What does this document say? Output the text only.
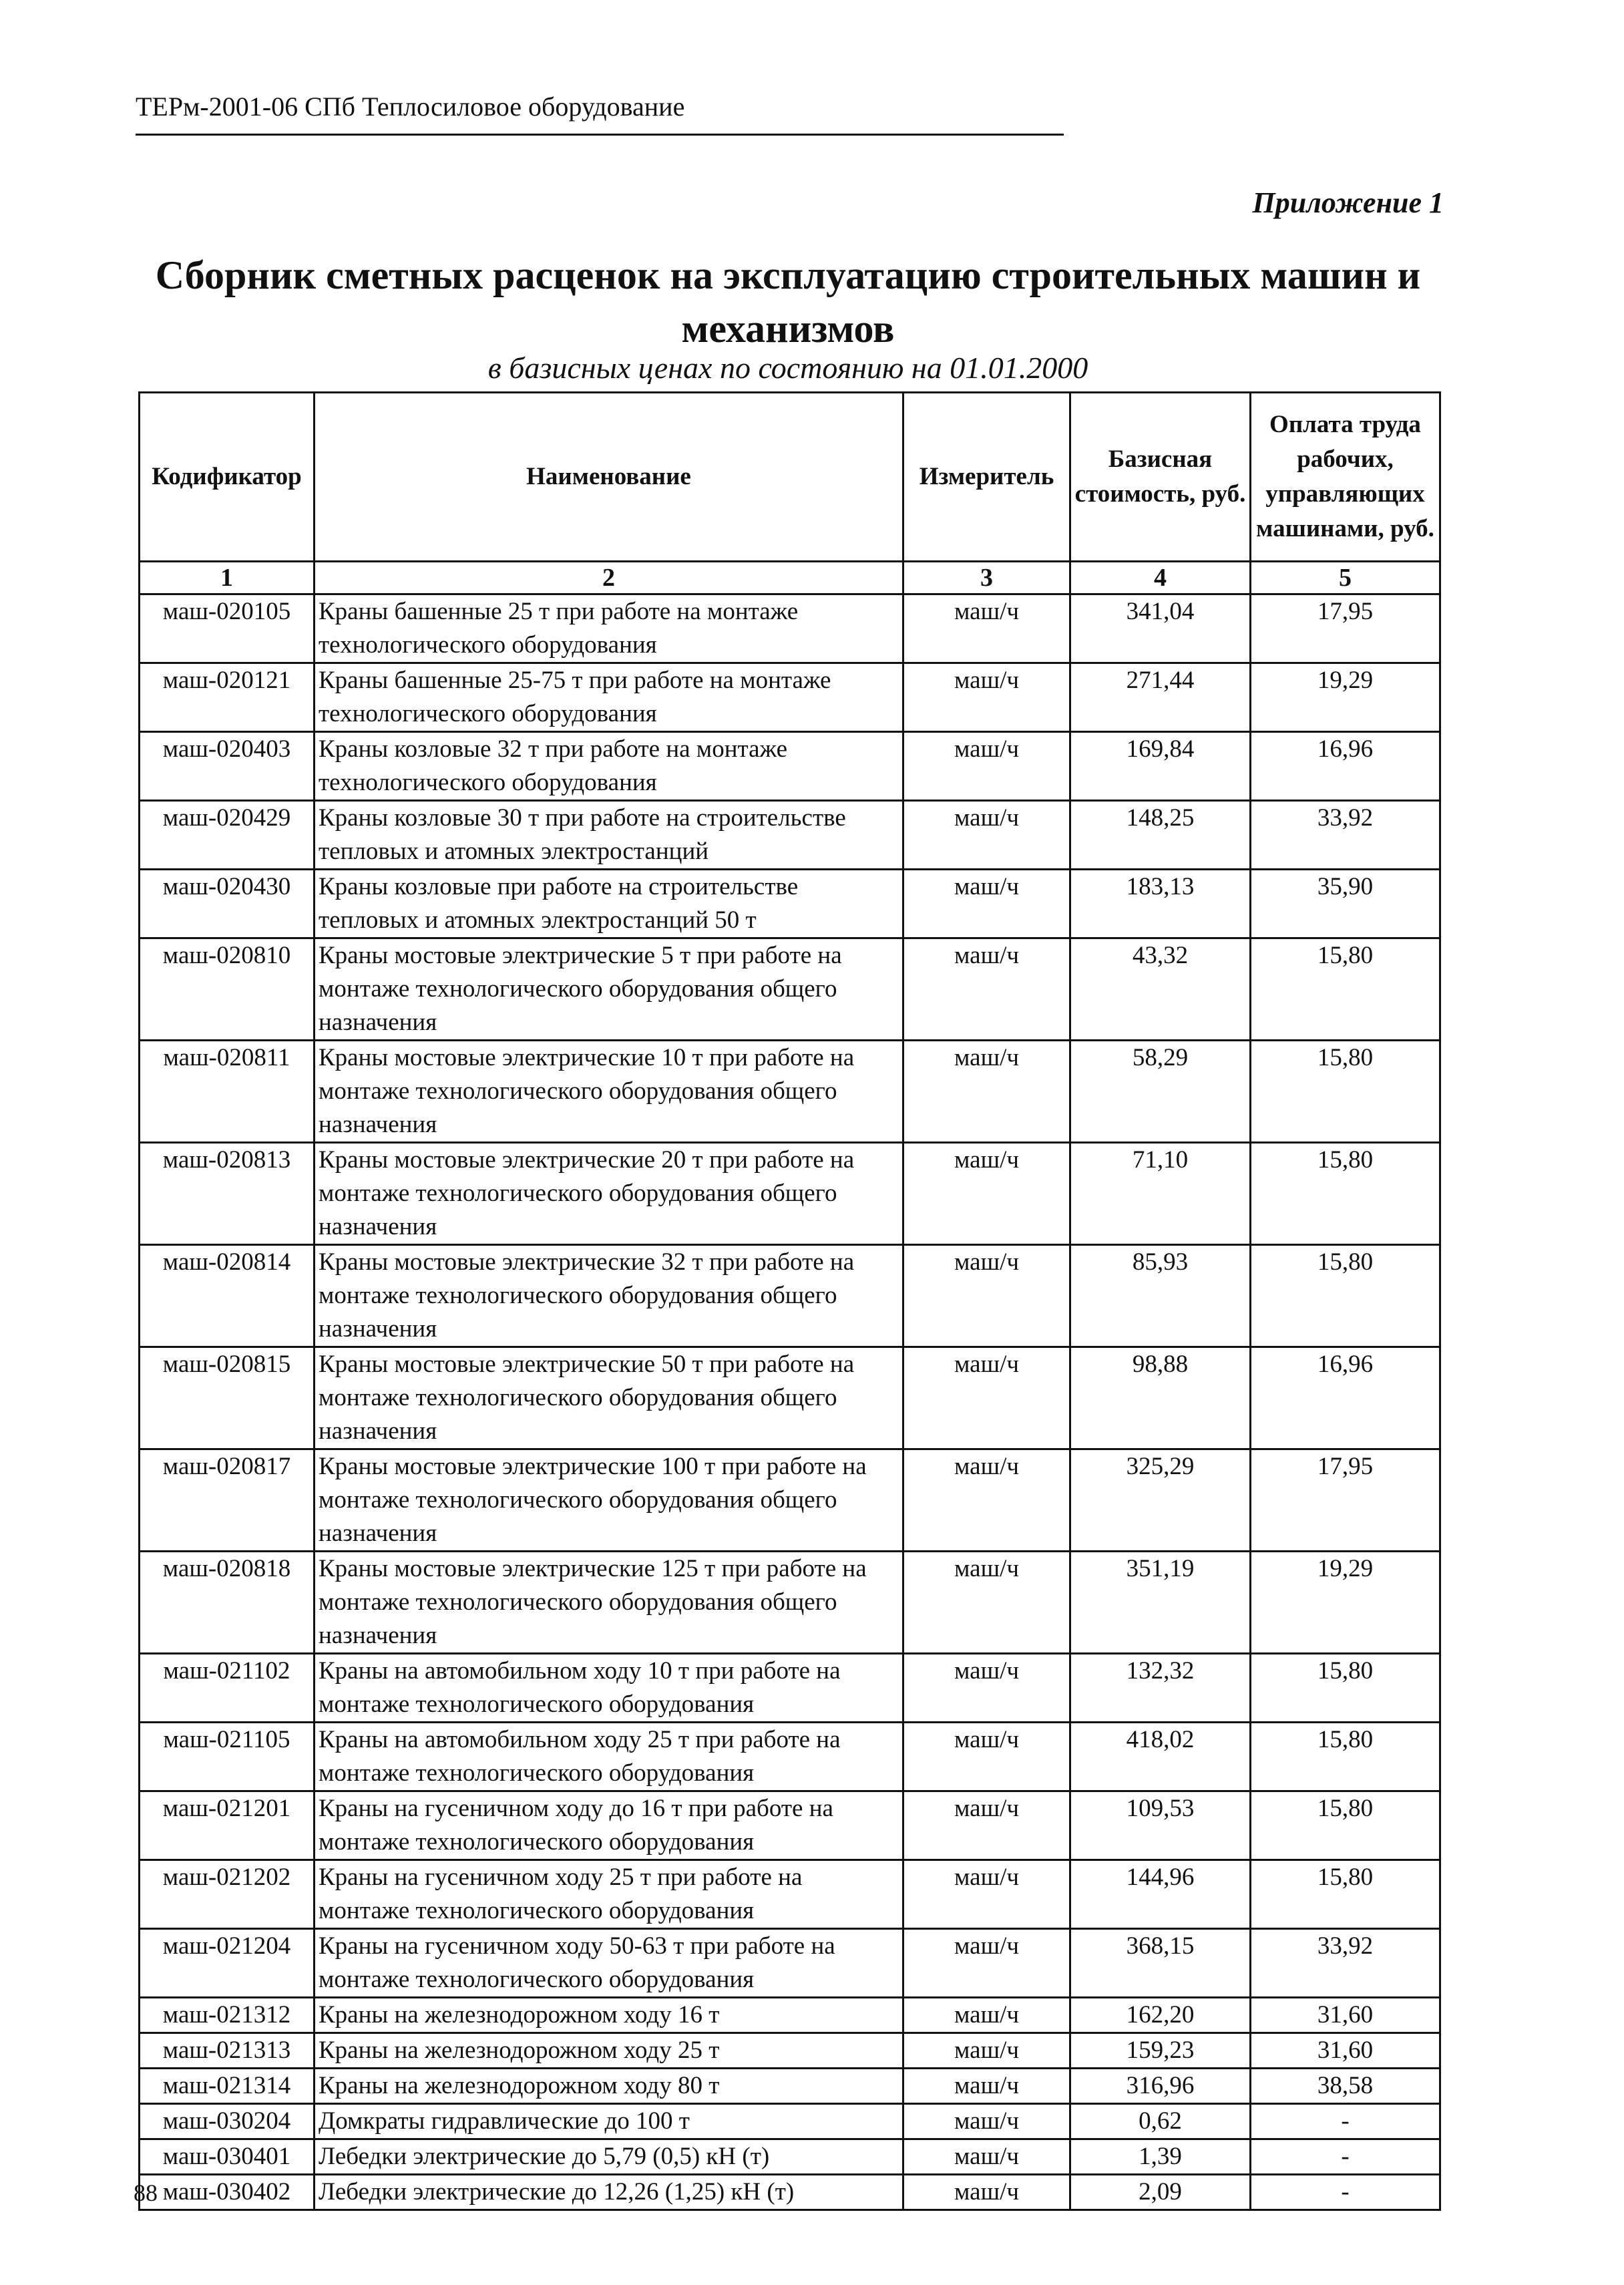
ТЕРм-2001-06 СПб Теплосиловое оборудование
Приложение 1
Сборник сметных расценок на эксплуатацию строительных машин и механизмов
в базисных ценах по состоянию на 01.01.2000
Кодификатор	Наименование	Измеритель	Базисная стоимость, руб.	Оплата труда рабочих, управляющих машинами, руб.
1	2	3	4	5
маш-020105	Краны башенные 25 т при работе на монтаже технологического оборудования	маш/ч	341,04	17,95
маш-020121	Краны башенные 25-75 т при работе на монтаже технологического оборудования	маш/ч	271,44	19,29
маш-020403	Краны козловые 32 т при работе на монтаже технологического оборудования	маш/ч	169,84	16,96
маш-020429	Краны козловые 30 т при работе на строительстве тепловых и атомных электростанций	маш/ч	148,25	33,92
маш-020430	Краны козловые при работе на строительстве тепловых и атомных электростанций 50 т	маш/ч	183,13	35,90
маш-020810	Краны мостовые электрические 5 т при работе на монтаже технологического оборудования общего назначения	маш/ч	43,32	15,80
маш-020811	Краны мостовые электрические 10 т при работе на монтаже технологического оборудования общего назначения	маш/ч	58,29	15,80
маш-020813	Краны мостовые электрические 20 т при работе на монтаже технологического оборудования общего назначения	маш/ч	71,10	15,80
маш-020814	Краны мостовые электрические 32 т при работе на монтаже технологического оборудования общего назначения	маш/ч	85,93	15,80
маш-020815	Краны мостовые электрические 50 т при работе на монтаже технологического оборудования общего назначения	маш/ч	98,88	16,96
маш-020817	Краны мостовые электрические 100 т при работе на монтаже технологического оборудования общего назначения	маш/ч	325,29	17,95
маш-020818	Краны мостовые электрические 125 т при работе на монтаже технологического оборудования общего назначения	маш/ч	351,19	19,29
маш-021102	Краны на автомобильном ходу 10 т при работе на монтаже технологического оборудования	маш/ч	132,32	15,80
маш-021105	Краны на автомобильном ходу 25 т при работе на монтаже технологического оборудования	маш/ч	418,02	15,80
маш-021201	Краны на гусеничном ходу до 16 т при работе на монтаже технологического оборудования	маш/ч	109,53	15,80
маш-021202	Краны на гусеничном ходу 25 т при работе на монтаже технологического оборудования	маш/ч	144,96	15,80
маш-021204	Краны на гусеничном ходу 50-63 т при работе на монтаже технологического оборудования	маш/ч	368,15	33,92
маш-021312	Краны на железнодорожном ходу 16 т	маш/ч	162,20	31,60
маш-021313	Краны на железнодорожном ходу 25 т	маш/ч	159,23	31,60
маш-021314	Краны на железнодорожном ходу 80 т	маш/ч	316,96	38,58
маш-030204	Домкраты гидравлические до 100 т	маш/ч	0,62	-
маш-030401	Лебедки электрические до 5,79 (0,5) кН (т)	маш/ч	1,39	-
маш-030402	Лебедки электрические до 12,26 (1,25) кН (т)	маш/ч	2,09	-
88
